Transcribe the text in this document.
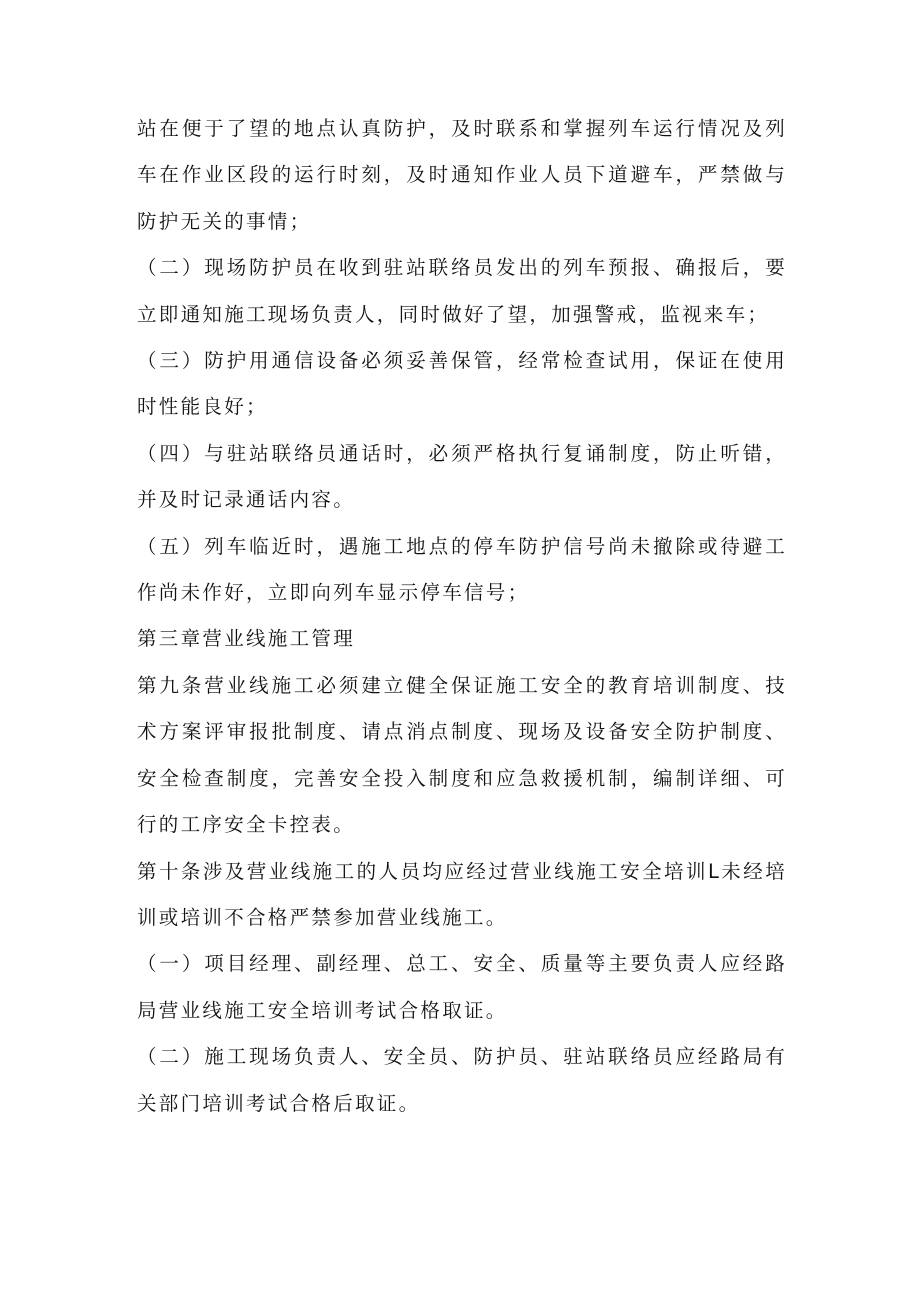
站在便于了望的地点认真防护，及时联系和掌握列车运行情况及列车在作业区段的运行时刻，及时通知作业人员下道避车，严禁做与防护无关的事情；

（二）现场防护员在收到驻站联络员发出的列车预报、确报后，要立即通知施工现场负责人，同时做好了望，加强警戒，监视来车；

（三）防护用通信设备必须妥善保管，经常检查试用，保证在使用时性能良好；

（四）与驻站联络员通话时，必须严格执行复诵制度，防止听错，并及时记录通话内容。

（五）列车临近时，遇施工地点的停车防护信号尚未撤除或待避工作尚未作好，立即向列车显示停车信号；

第三章营业线施工管理

第九条营业线施工必须建立健全保证施工安全的教育培训制度、技术方案评审报批制度、请点消点制度、现场及设备安全防护制度、安全检查制度，完善安全投入制度和应急救援机制，编制详细、可行的工序安全卡控表。

第十条涉及营业线施工的人员均应经过营业线施工安全培训L未经培训或培训不合格严禁参加营业线施工。

（一）项目经理、副经理、总工、安全、质量等主要负责人应经路局营业线施工安全培训考试合格取证。

（二）施工现场负责人、安全员、防护员、驻站联络员应经路局有关部门培训考试合格后取证。
